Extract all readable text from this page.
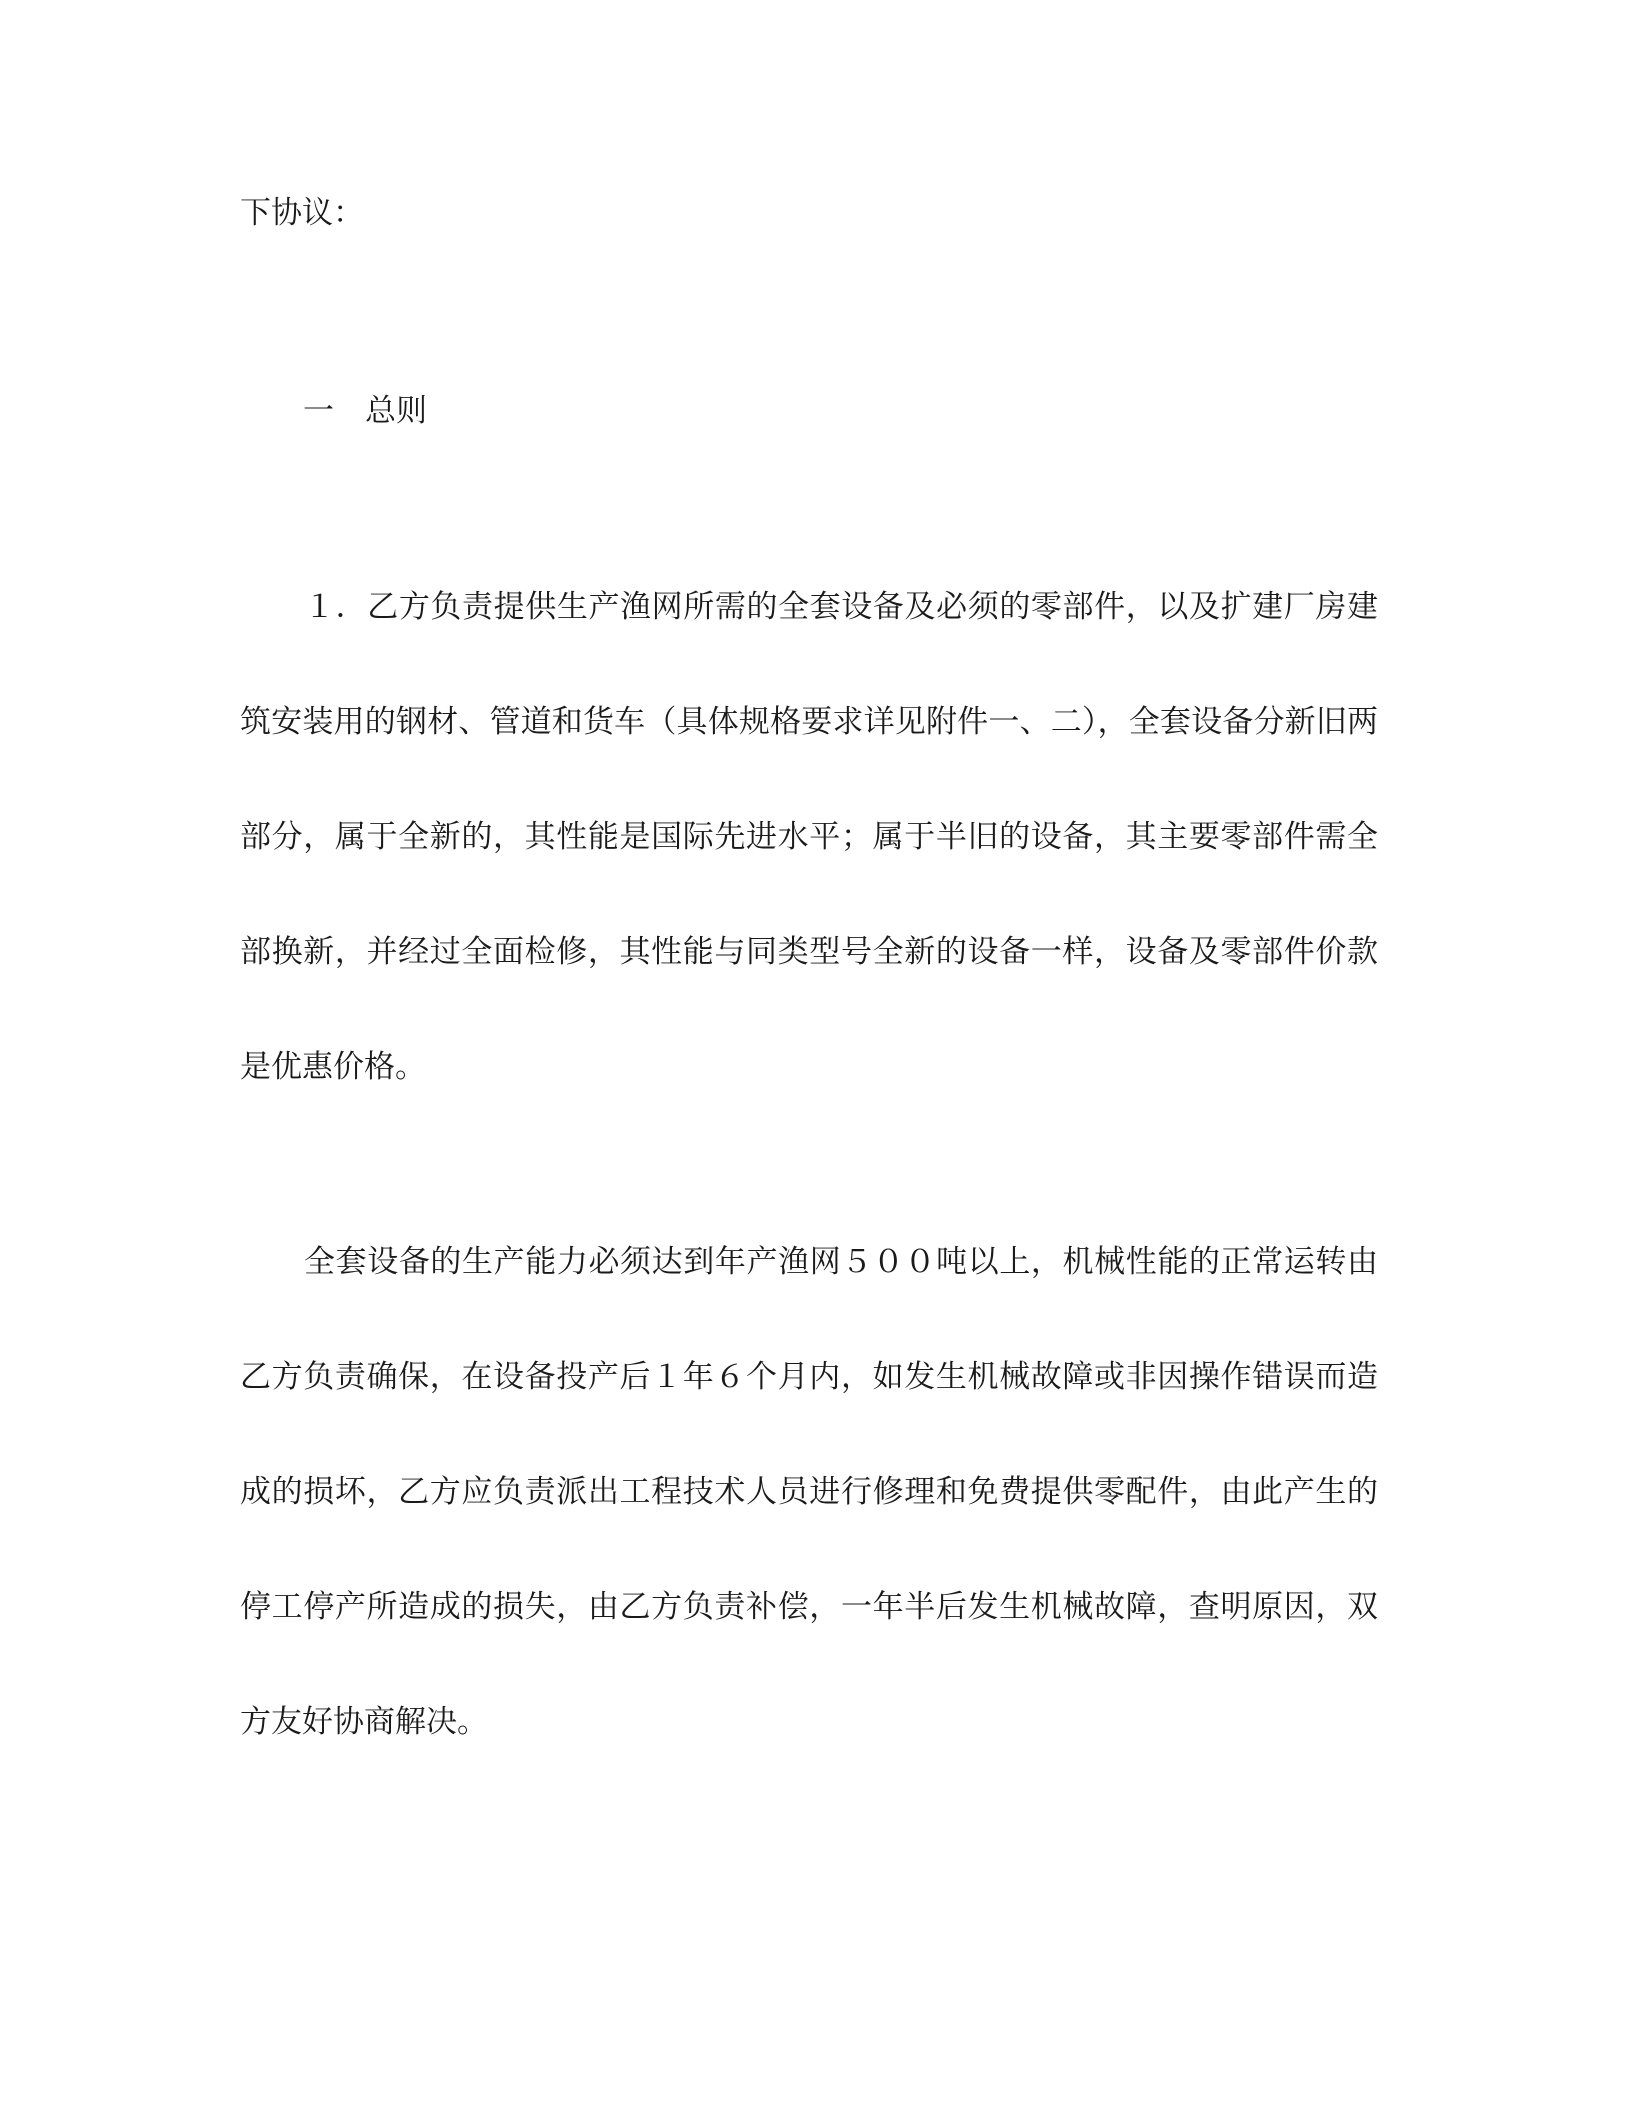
下协议：
一 总则

１．乙方负责提供生产渔网所需的全套设备及必须的零部件，以及扩建厂房建筑安装用的钢材、管道和货车（具体规格要求详见附件一、二），全套设备分新旧两部分，属于全新的，其性能是国际先进水平；属于半旧的设备，其主要零部件需全部换新，并经过全面检修，其性能与同类型号全新的设备一样，设备及零部件价款是优惠价格。

全套设备的生产能力必须达到年产渔网５００吨以上，机械性能的正常运转由乙方负责确保，在设备投产后１年６个月内，如发生机械故障或非因操作错误而造成的损坏，乙方应负责派出工程技术人员进行修理和免费提供零配件，由此产生的停工停产所造成的损失，由乙方负责补偿，一年半后发生机械故障，查明原因，双方友好协商解决。
